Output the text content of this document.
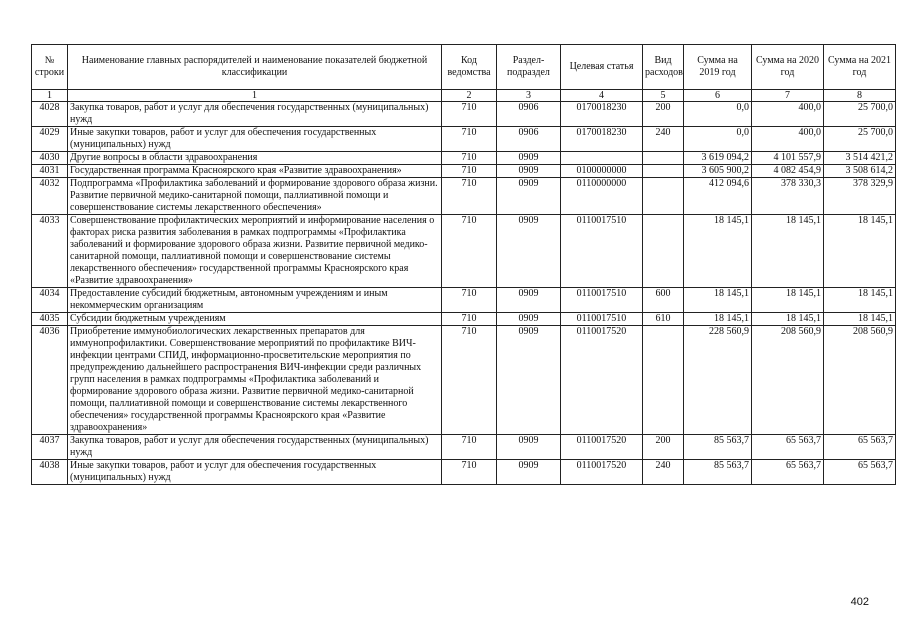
№ строки	Наименование главных распорядителей и наименование показателей бюджетной классификации	Код ведомства	Раздел-подраздел	Целевая статья	Вид расходов	Сумма на 2019 год	Сумма на 2020 год	Сумма на 2021 год
1	1	2	3	4	5	6	7	8
4028	Закупка товаров, работ и услуг для обеспечения государственных (муниципальных) нужд	710	0906	0170018230	200	0,0	400,0	25 700,0
4029	Иные закупки товаров, работ и услуг для обеспечения государственных (муниципальных) нужд	710	0906	0170018230	240	0,0	400,0	25 700,0
4030	Другие вопросы в области здравоохранения	710	0909			3 619 094,2	4 101 557,9	3 514 421,2
4031	Государственная программа Красноярского края «Развитие здравоохранения»	710	0909	0100000000		3 605 900,2	4 082 454,9	3 508 614,2
4032	Подпрограмма «Профилактика заболеваний и формирование здорового образа жизни. Развитие первичной медико-санитарной помощи, паллиативной помощи и совершенствование системы лекарственного обеспечения»	710	0909	0110000000		412 094,6	378 330,3	378 329,9
4033	Совершенствование профилактических мероприятий и информирование населения о факторах риска развития заболевания в рамках подпрограммы «Профилактика заболеваний и формирование здорового образа жизни. Развитие первичной медико-санитарной помощи, паллиативной помощи и совершенствование системы лекарственного обеспечения» государственной программы Красноярского края «Развитие здравоохранения»	710	0909	0110017510		18 145,1	18 145,1	18 145,1
4034	Предоставление субсидий бюджетным, автономным учреждениям и иным некоммерческим организациям	710	0909	0110017510	600	18 145,1	18 145,1	18 145,1
4035	Субсидии бюджетным учреждениям	710	0909	0110017510	610	18 145,1	18 145,1	18 145,1
4036	Приобретение иммунобиологических лекарственных препаратов для иммунопрофилактики. Совершенствование мероприятий по профилактике ВИЧ-инфекции центрами СПИД, информационно-просветительские мероприятия по предупреждению дальнейшего распространения ВИЧ-инфекции среди различных групп населения в рамках подпрограммы «Профилактика заболеваний и формирование здорового образа жизни. Развитие первичной медико-санитарной помощи, паллиативной помощи и совершенствование системы лекарственного обеспечения» государственной программы Красноярского края «Развитие здравоохранения»	710	0909	0110017520		228 560,9	208 560,9	208 560,9
4037	Закупка товаров, работ и услуг для обеспечения государственных (муниципальных) нужд	710	0909	0110017520	200	85 563,7	65 563,7	65 563,7
4038	Иные закупки товаров, работ и услуг для обеспечения государственных (муниципальных) нужд	710	0909	0110017520	240	85 563,7	65 563,7	65 563,7
402
